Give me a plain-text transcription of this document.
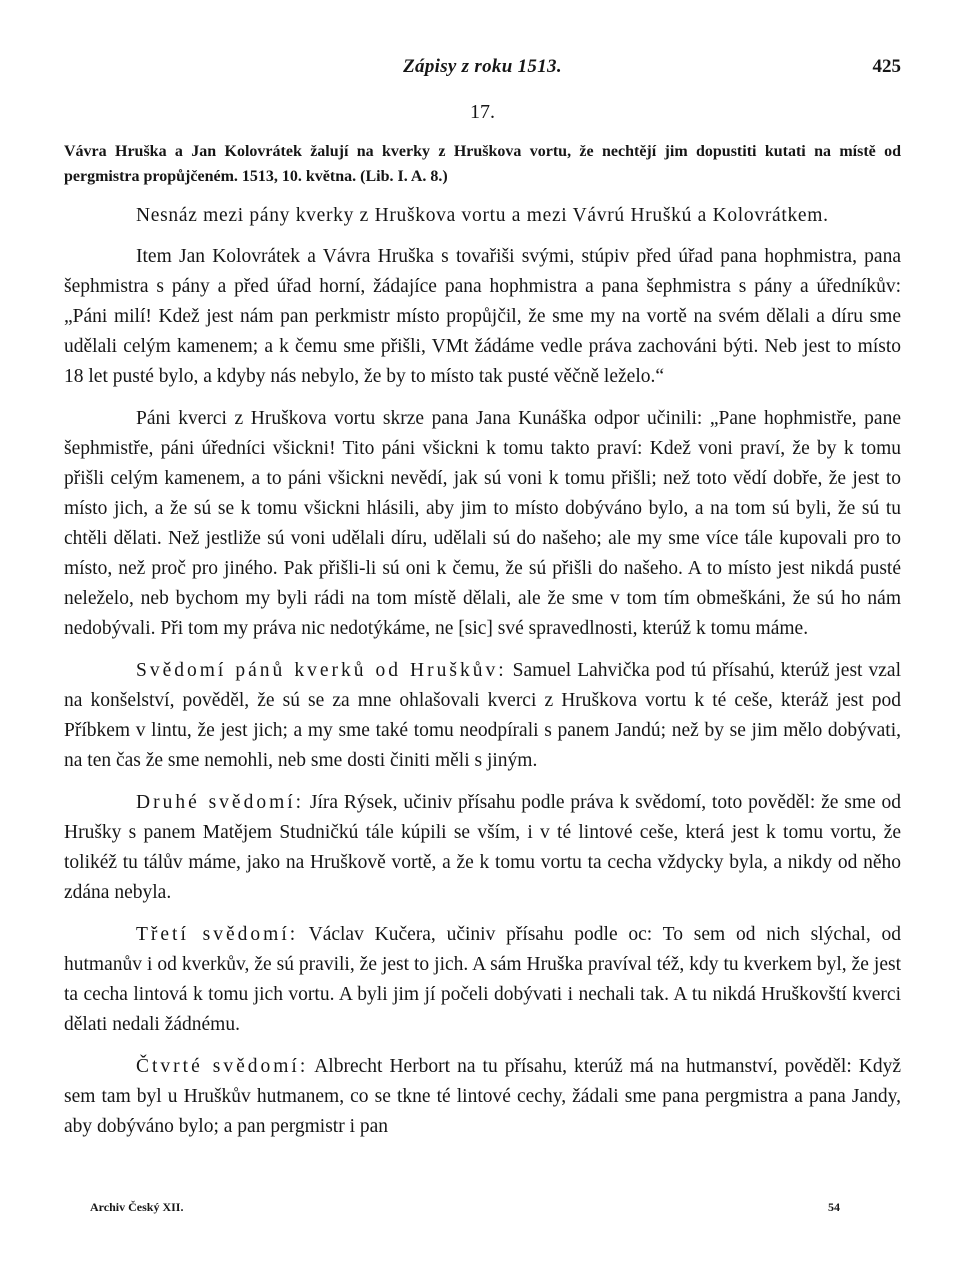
Zápisy z roku 1513.	425
17.
Vávra Hruška a Jan Kolovrátek žalují na kverky z Hruškova vortu, že nechtějí jim dopustiti kutati na místě od pergmistra propůjčeném. 1513, 10. května. (Lib. I. A. 8.)
Nesnáz mezi pány kverky z Hruškova vortu a mezi Vávrú Hruškú a Kolovrátkem.

Item Jan Kolovrátek a Vávra Hruška s tovařiši svými, stúpiv před úřad pana hophmistra, pana šephmistra s pány a před úřad horní, žádajíce pana hophmistra a pana šephmistra s pány a úředníkův: „Páni milí! Kdež jest nám pan perkmistr místo propůjčil, že sme my na vortě na svém dělali a díru sme udělali celým kamenem; a k čemu sme přišli, VMt žádáme vedle práva zachováni býti. Neb jest to místo 18 let pusté bylo, a kdyby nás nebylo, že by to místo tak pusté věčně leželo.“

Páni kverci z Hruškova vortu skrze pana Jana Kunáška odpor učinili: „Pane hophmistře, pane šephmistře, páni úředníci všickni! Tito páni všickni k tomu takto praví: Kdež voni praví, že by k tomu přišli celým kamenem, a to páni všickni nevědí, jak sú voni k tomu přišli; než toto vědí dobře, že jest to místo jich, a že sú se k tomu všickni hlásili, aby jim to místo dobýváno bylo, a na tom sú byli, že sú tu chtěli dělati. Než jestliže sú voni udělali díru, udělali sú do našeho; ale my sme více tále kupovali pro to místo, než proč pro jiného. Pak přišli-li sú oni k čemu, že sú přišli do našeho. A to místo jest nikdá pusté neleželo, neb bychom my byli rádi na tom místě dělali, ale že sme v tom tím obmeškáni, že sú ho nám nedobývali. Při tom my práva nic nedotýkáme, ne [sic] své spravedlnosti, kterúž k tomu máme.

Svědomí pánů kverků od Hruškův: Samuel Lahvička pod tú přísahú, kterúž jest vzal na konšelství, pověděl, že sú se za mne ohlašovali kverci z Hruškova vortu k té ceše, kteráž jest pod Příbkem v lintu, že jest jich; a my sme také tomu neodpírali s panem Jandú; než by se jim mělo dobývati, na ten čas že sme nemohli, neb sme dosti činiti měli s jiným.

Druhé svědomí: Jíra Rýsek, učiniv přísahu podle práva k svědomí, toto pověděl: že sme od Hrušky s panem Matějem Studničkú tále kúpili se vším, i v té lintové ceše, která jest k tomu vortu, že tolikéž tu tálův máme, jako na Hruškově vortě, a že k tomu vortu ta cecha vždycky byla, a nikdy od něho zdána nebyla.

Třetí svědomí: Václav Kučera, učiniv přísahu podle oc: To sem od nich slýchal, od hutmanův i od kverkův, že sú pravili, že jest to jich. A sám Hruška pravíval též, kdy tu kverkem byl, že jest ta cecha lintová k tomu jich vortu. A byli jim jí počeli dobývati i nechali tak. A tu nikdá Hruškovští kverci dělati nedali žádnému.

Čtvrté svědomí: Albrecht Herbort na tu přísahu, kterúž má na hutmanství, pověděl: Když sem tam byl u Hruškův hutmanem, co se tkne té lintové cechy, žádali sme pana pergmistra a pana Jandy, aby dobýváno bylo; a pan pergmistr i pan

Archiv Český XII.	54
